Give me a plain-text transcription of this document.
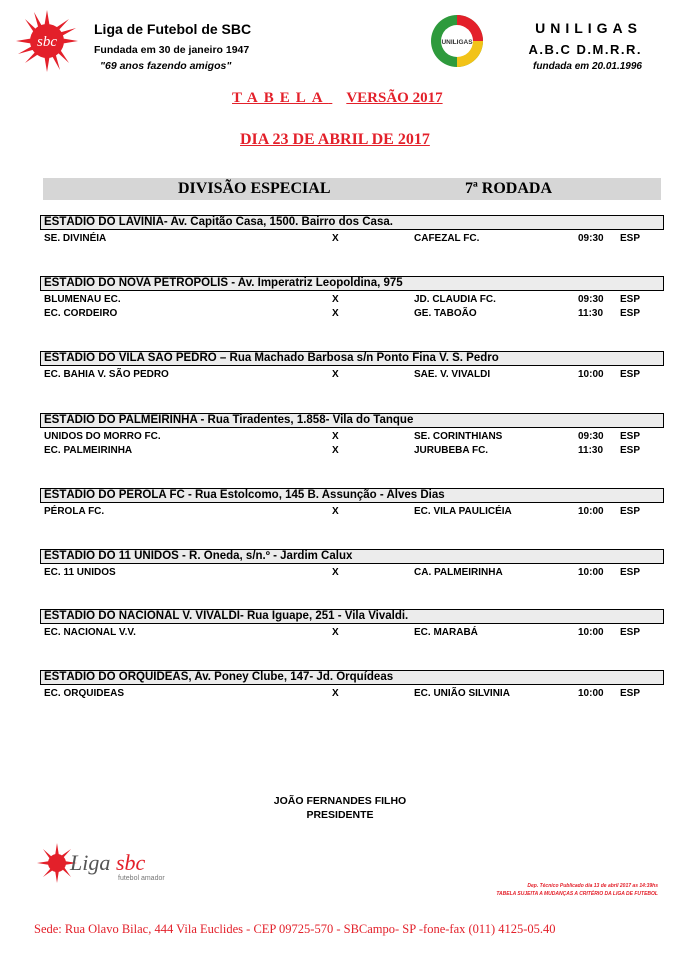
sbc
Liga de Futebol de SBC
Fundada em 30 de janeiro 1947
"69 anos fazendo amigos"
UNILIGAS
UNILIGAS
A.B.C D.M.R.R.
fundada em 20.01.1996
TABELA VERSÃO 2017
DIA 23 DE ABRIL DE 2017
DIVISÃO ESPECIAL	7ª RODADA
ESTÁDIO DO LAVÍNIA- Av. Capitão Casa, 1500. Bairro dos Casa.
SE. DIVINÉIA	X	CAFEZAL FC.	09:30 ESP
ESTÁDIO DO NOVA PETRÓPOLIS - Av. Imperatriz Leopoldina, 975
BLUMENAU EC.	X	JD. CLAUDIA FC.	09:30 ESP
EC. CORDEIRO	X	GE. TABOÃO	11:30 ESP
ESTÁDIO DO VILA SÃO PEDRO – Rua Machado Barbosa s/n Ponto Fina V. S. Pedro
EC. BAHIA V. SÃO PEDRO	X	SAE. V. VIVALDI	10:00 ESP
ESTÁDIO DO PALMEIRINHA - Rua Tiradentes, 1.858- Vila do Tanque
UNIDOS DO MORRO FC.	X	SE. CORINTHIANS	09:30 ESP
EC. PALMEIRINHA	X	JURUBEBA FC.	11:30 ESP
ESTÁDIO DO PÉROLA FC - Rua Estolcomo, 145 B. Assunção - Alves Dias
PÉROLA FC.	X	EC. VILA PAULICÉIA	10:00 ESP
ESTÁDIO DO 11 UNIDOS - R. Oneda, s/n.º - Jardim Calux
EC. 11 UNIDOS	X	CA. PALMEIRINHA	10:00 ESP
ESTÁDIO DO NACIONAL V. VIVALDI- Rua Iguape, 251 - Vila Vivaldi.
EC. NACIONAL V.V.	X	EC. MARABÁ	10:00 ESP
ESTÁDIO DO ORQUÍDEAS, Av. Poney Clube, 147- Jd. Orquídeas
EC. ORQUIDEAS	X	EC. UNIÃO SILVINIA	10:00 ESP
JOÃO FERNANDES FILHO
PRESIDENTE
Liga sbc
futebol amador
Dep. Técnico Publicado dia 13 de abril 2017 as 14:39hs
TABELA SUJEITA A MUDANÇAS A CRITÉRIO DA LIGA DE FUTEBOL
Sede: Rua Olavo Bilac, 444 Vila Euclides - CEP 09725-570 - SBCampo- SP -fone-fax (011) 4125-05.40
